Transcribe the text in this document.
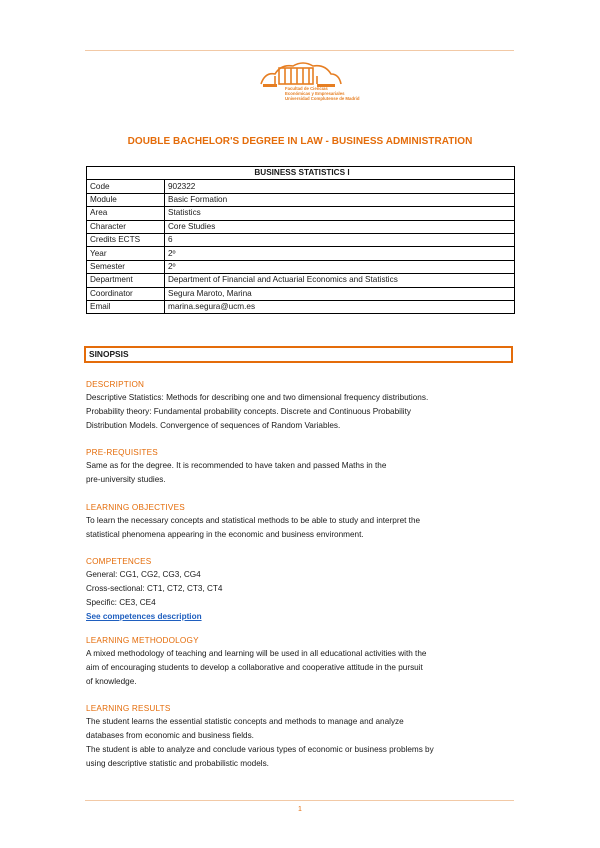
Facultad de Ciencias
Económicas y Empresariales
Universidad Complutense de Madrid
DOUBLE BACHELOR'S DEGREE IN LAW - BUSINESS ADMINISTRATION
BUSINESS STATISTICS I	
Code	902322
Module	Basic Formation
Area	Statistics
Character	Core Studies
Credits ECTS	6
Year	2º
Semester	2º
Department	Department of Financial and Actuarial Economics and Statistics
Coordinator	Segura Maroto, Marina
Email	marina.segura@ucm.es
SINOPSIS
DESCRIPTION
Descriptive Statistics: Methods for describing one and two dimensional frequency distributions.
Probability theory: Fundamental probability concepts. Discrete and Continuous Probability
Distribution Models. Convergence of sequences of Random Variables.
PRE-REQUISITES
Same as for the degree. It is recommended to have taken and passed Maths in the
pre-university studies.
LEARNING OBJECTIVES
To learn the necessary concepts and statistical methods to be able to study and interpret the
statistical phenomena appearing in the economic and business environment.
COMPETENCES
General: CG1, CG2, CG3, CG4
Cross-sectional: CT1, CT2, CT3, CT4
Specific: CE3, CE4
See competences description
LEARNING METHODOLOGY
A mixed methodology of teaching and learning will be used in all educational activities with the
aim of encouraging students to develop a collaborative and cooperative attitude in the pursuit
of knowledge.
LEARNING RESULTS
The student learns the essential statistic concepts and methods to manage and analyze
databases from economic and business fields.
The student is able to analyze and conclude various types of economic or business problems by
using descriptive statistic and probabilistic models.
1
